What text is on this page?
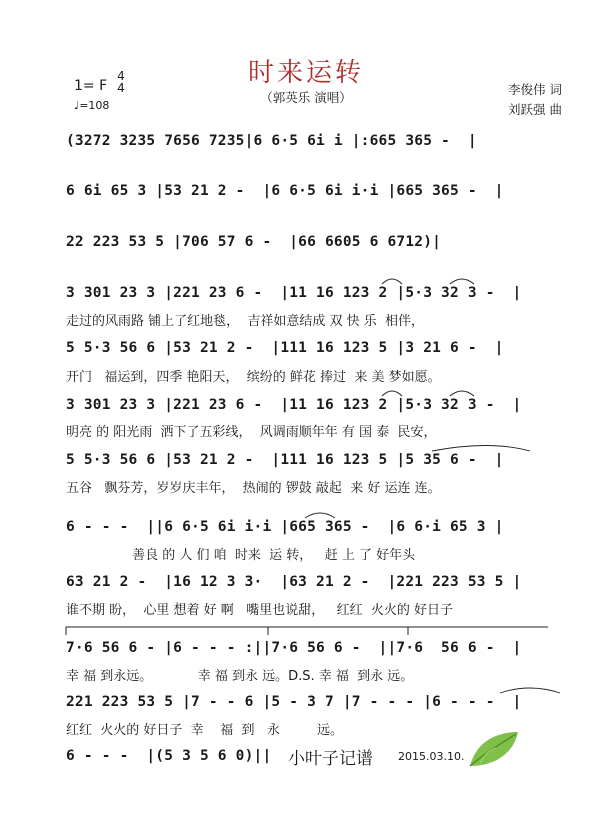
时来运转
（郭英乐 演唱）
1= F
4
4
♩=108
李俊伟 词
刘跃强 曲
(3272 3235 7656 7235|6 6·5 6i i |:665 365 -  |
6 6i 65 3 |53 21 2 -  |6 6·5 6i i·i |665 365 -  |
22 223 53 5 |706 57 6 -  |66 6605 6 6712)|
3 301 23 3 |221 23 6 -  |11 16 123 2 |5·3 32 3 -  |
走过的风雨路 铺上了红地毯，  吉祥如意结成 双 快 乐  相伴，
5 5·3 56 6 |53 21 2 -  |111 16 123 5 |3 21 6 -  |
开门   福运到，四季 艳阳天，  缤纷的 鲜花 捧过  来 美 梦如愿。
3 301 23 3 |221 23 6 -  |11 16 123 2 |5·3 32 3 -  |
明亮 的 阳光雨  洒下了五彩线，  风调雨顺年年 有 国 泰  民安，
5 5·3 56 6 |53 21 2 -  |111 16 123 5 |5 35 6 -  |
五谷   飘芬芳，岁岁庆丰年，  热闹的 锣鼓 敲起  来 好 运连 连。
6 - - -  ||6 6·5 6i i·i |665 365 -  |6 6·i 65 3 |
善良 的 人 们 咱  时来  运 转，   赶 上 了 好年头
63 21 2 -  |16 12 3 3·  |63 21 2 -  |221 223 53 5 |
谁不期 盼，  心里 想着 好 啊   嘴里也说甜，   红红  火火的 好日子
7·6 56 6 - |6 - - - :||7·6 56 6 -  ||7·6  56 6 -  |
幸 福 到永远。           幸 福 到永 远。D.S. 幸 福  到永 远。
221 223 53 5 |7 - - 6 |5 - 3 7 |7 - - - |6 - - -  |
红红  火火的 好日子  幸    福  到   永         远。
6 - - -  |(5 3 5 6 0)|| 小叶子记谱 2015.03.10.
